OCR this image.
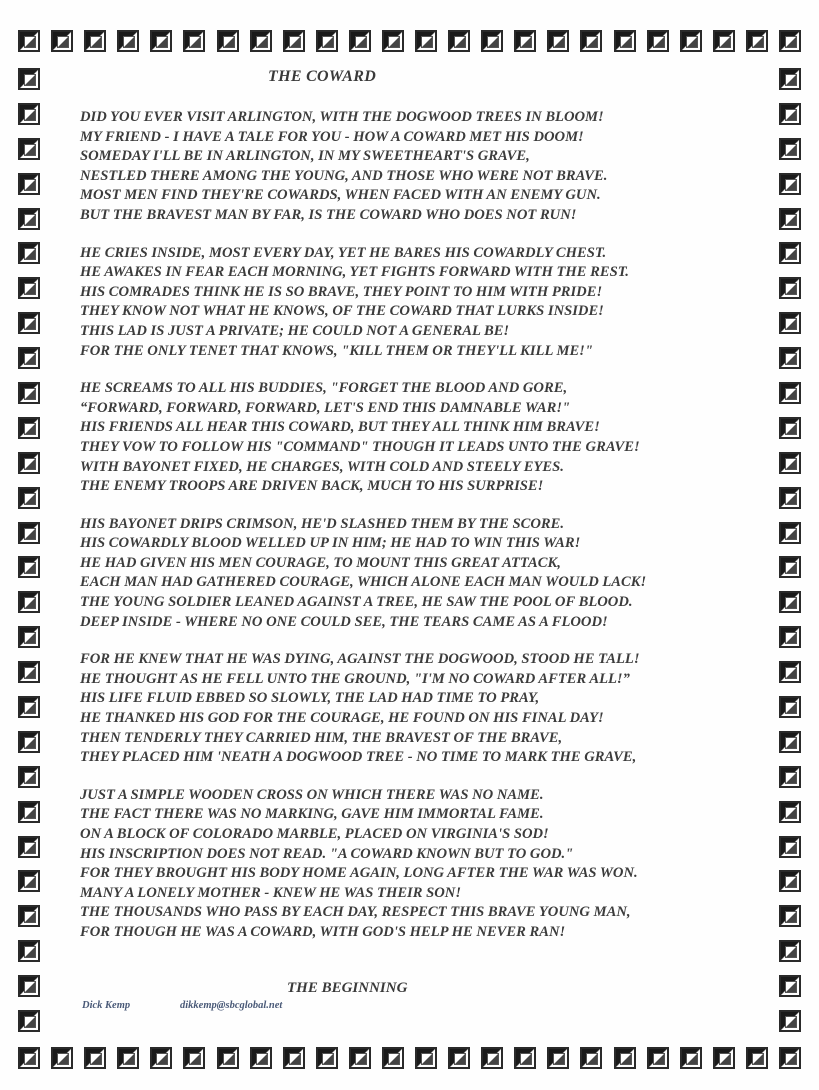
THE COWARD
DID YOU EVER VISIT ARLINGTON, WITH THE DOGWOOD TREES IN BLOOM!
MY FRIEND - I HAVE A TALE FOR YOU - HOW A COWARD MET HIS DOOM!
SOMEDAY I'LL BE IN ARLINGTON, IN MY SWEETHEART'S GRAVE,
NESTLED THERE AMONG THE YOUNG, AND THOSE WHO WERE NOT BRAVE.
MOST MEN FIND THEY'RE COWARDS, WHEN FACED WITH AN ENEMY GUN.
BUT THE BRAVEST MAN BY FAR, IS THE COWARD WHO DOES NOT RUN!
HE CRIES INSIDE, MOST EVERY DAY, YET HE BARES HIS COWARDLY CHEST.
HE AWAKES IN FEAR EACH MORNING, YET FIGHTS FORWARD WITH THE REST.
HIS COMRADES THINK HE IS SO BRAVE, THEY POINT TO HIM WITH PRIDE!
THEY KNOW NOT WHAT HE KNOWS, OF THE COWARD THAT LURKS INSIDE!
THIS LAD IS JUST A PRIVATE; HE COULD NOT A GENERAL BE!
FOR THE ONLY TENET THAT KNOWS, "KILL THEM OR THEY'LL KILL ME!"
HE SCREAMS TO ALL HIS BUDDIES, "FORGET THE BLOOD AND GORE,
“FORWARD, FORWARD, FORWARD, LET'S END THIS DAMNABLE WAR!"
HIS FRIENDS ALL HEAR THIS COWARD, BUT THEY ALL THINK HIM BRAVE!
THEY VOW TO FOLLOW HIS "COMMAND" THOUGH IT LEADS UNTO THE GRAVE!
WITH BAYONET FIXED, HE CHARGES, WITH COLD AND STEELY EYES.
THE ENEMY TROOPS ARE DRIVEN BACK, MUCH TO HIS SURPRISE!
HIS BAYONET DRIPS CRIMSON, HE'D SLASHED THEM BY THE SCORE.
HIS COWARDLY BLOOD WELLED UP IN HIM; HE HAD TO WIN THIS WAR!
HE HAD GIVEN HIS MEN COURAGE, TO MOUNT THIS GREAT ATTACK,
EACH MAN HAD GATHERED COURAGE, WHICH ALONE EACH MAN WOULD LACK!
THE YOUNG SOLDIER LEANED AGAINST A TREE, HE SAW THE POOL OF BLOOD.
DEEP INSIDE - WHERE NO ONE COULD SEE, THE TEARS CAME AS A FLOOD!
FOR HE KNEW THAT HE WAS DYING, AGAINST THE DOGWOOD, STOOD HE TALL!
HE THOUGHT AS HE FELL UNTO THE GROUND, "I'M NO COWARD AFTER ALL!”
HIS LIFE FLUID EBBED SO SLOWLY, THE LAD HAD TIME TO PRAY,
HE THANKED HIS GOD FOR THE COURAGE, HE FOUND ON HIS FINAL DAY!
THEN TENDERLY THEY CARRIED HIM, THE BRAVEST OF THE BRAVE,
THEY PLACED HIM 'NEATH A DOGWOOD TREE - NO TIME TO MARK THE GRAVE,
JUST A SIMPLE WOODEN CROSS ON WHICH THERE WAS NO NAME.
THE FACT THERE WAS NO MARKING, GAVE HIM IMMORTAL FAME.
ON A BLOCK OF COLORADO MARBLE, PLACED ON VIRGINIA'S SOD!
HIS INSCRIPTION DOES NOT READ. "A COWARD KNOWN BUT TO GOD."
FOR THEY BROUGHT HIS BODY HOME AGAIN, LONG AFTER THE WAR WAS WON.
MANY A LONELY MOTHER - KNEW HE WAS THEIR SON!
THE THOUSANDS WHO PASS BY EACH DAY, RESPECT THIS BRAVE YOUNG MAN,
FOR THOUGH HE WAS A COWARD, WITH GOD'S HELP HE NEVER RAN!
THE BEGINNING
Dick Kemp	dikkemp@sbcglobal.net
